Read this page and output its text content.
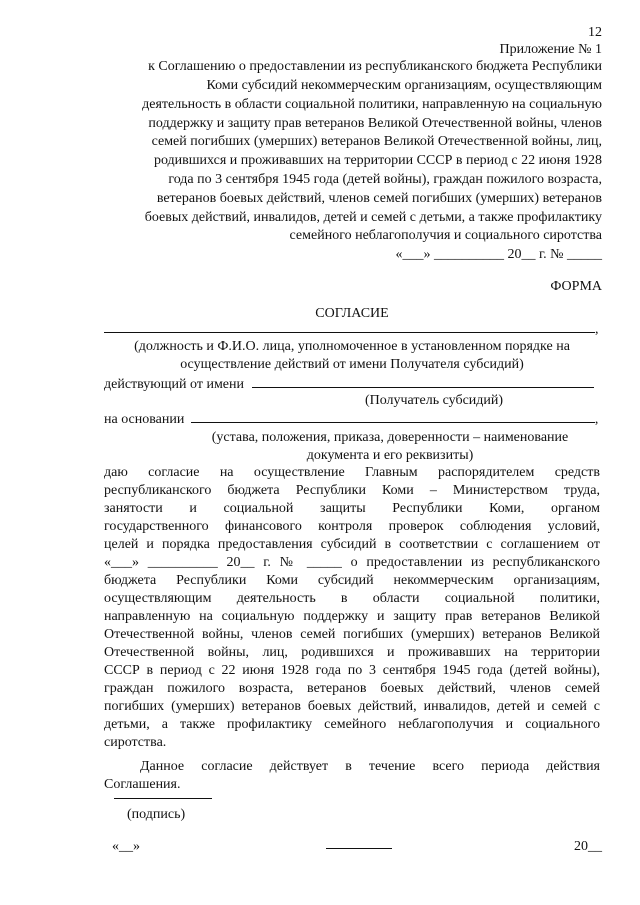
12
Приложение № 1
к Соглашению о предоставлении из республиканского бюджета Республики
Коми субсидий некоммерческим организациям, осуществляющим
деятельность в области социальной политики, направленную на социальную
поддержку и защиту прав ветеранов Великой Отечественной войны, членов
семей погибших (умерших) ветеранов Великой Отечественной войны, лиц,
родившихся и проживавших на территории СССР в период с 22 июня 1928
года по 3 сентября 1945 года (детей войны), граждан пожилого возраста,
ветеранов боевых действий, членов семей погибших (умерших) ветеранов
боевых действий, инвалидов, детей и семей с детьми, а также профилактику
семейного неблагополучия и социального сиротства
«___» __________ 20__ г. № _____
ФОРМА
СОГЛАСИЕ
,
(должность и Ф.И.О. лица, уполномоченное в установленном порядке на
осуществление действий от имени Получателя субсидий)
действующий от имени
(Получатель субсидий)
на основании	,
(устава, положения, приказа, доверенности – наименование
документа и его реквизиты)
даю согласие на осуществление Главным распорядителем средств
республиканского бюджета Республики Коми – Министерством труда,
занятости и социальной защиты Республики Коми, органом
государственного финансового контроля проверок соблюдения условий,
целей и порядка предоставления субсидий в соответствии с соглашением от
«___» __________ 20__ г. № _____ о предоставлении из республиканского
бюджета Республики Коми субсидий некоммерческим организациям,
осуществляющим деятельность в области социальной политики,
направленную на социальную поддержку и защиту прав ветеранов Великой
Отечественной войны, членов семей погибших (умерших) ветеранов Великой
Отечественной войны, лиц, родившихся и проживавших на территории
СССР в период с 22 июня 1928 года по 3 сентября 1945 года (детей войны),
граждан пожилого возраста, ветеранов боевых действий, членов семей
погибших (умерших) ветеранов боевых действий, инвалидов, детей и семей с
детьми, а также профилактику семейного неблагополучия и социального
сиротства.
Данное согласие действует в течение всего периода действия
Соглашения.
(подпись)
«__»	20__
